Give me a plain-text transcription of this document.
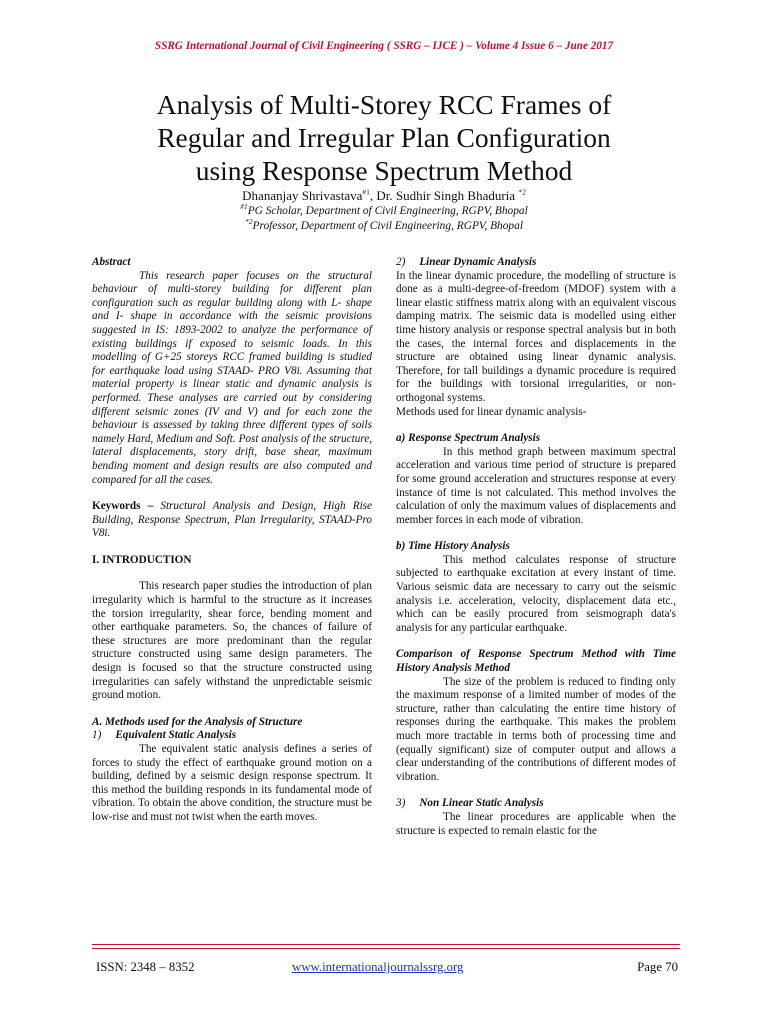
SSRG International Journal of Civil Engineering ( SSRG – IJCE ) – Volume 4 Issue 6 – June 2017
Analysis of Multi-Storey RCC Frames of
Regular and Irregular Plan Configuration
using Response Spectrum Method
Dhananjay Shrivastava$^{\#1}$, Dr. Sudhir Singh Bhaduria $^{*2}$
$^{\#1}$PG Scholar, Department of Civil Engineering, RGPV, Bhopal
$^{*2}$Professor, Department of Civil Engineering, RGPV, Bhopal

Abstract

This research paper focuses on the structural behaviour of multi-storey building for different plan configuration such as regular building along with L- shape and I- shape in accordance with the seismic provisions suggested in IS: 1893-2002 to analyze the performance of existing buildings if exposed to seismic loads. In this modelling of G+25 storeys RCC framed building is studied for earthquake load using STAAD- PRO V8i. Assuming that material property is linear static and dynamic analysis is performed. These analyses are carried out by considering different seismic zones (IV and V) and for each zone the behaviour is assessed by taking three different types of soils namely Hard, Medium and Soft. Post analysis of the structure, lateral displacements, story drift, base shear, maximum bending moment and design results are also computed and compared for all the cases.

Keywords – Structural Analysis and Design, High Rise Building, Response Spectrum, Plan Irregularity, STAAD-Pro V8i.

I. INTRODUCTION

This research paper studies the introduction of plan irregularity which is harmful to the structure as it increases the torsion irregularity, shear force, bending moment and other earthquake parameters. So, the chances of failure of these structures are more predominant than the regular structure constructed using same design parameters. The design is focused so that the structure constructed using irregularities can safely withstand the unpredictable seismic ground motion.

A. Methods used for the Analysis of Structure

1) Equivalent Static Analysis

The equivalent static analysis defines a series of forces to study the effect of earthquake ground motion on a building, defined by a seismic design response spectrum. It this method the building responds in its fundamental mode of vibration. To obtain the above condition, the structure must be low-rise and must not twist when the earth moves.

2) Linear Dynamic Analysis

In the linear dynamic procedure, the modelling of structure is done as a multi-degree-of-freedom (MDOF) system with a linear elastic stiffness matrix along with an equivalent viscous damping matrix. The seismic data is modelled using either time history analysis or response spectral analysis but in both the cases, the internal forces and displacements in the structure are obtained using linear dynamic analysis. Therefore, for tall buildings a dynamic procedure is required for the buildings with torsional irregularities, or non-orthogonal systems.

Methods used for linear dynamic analysis-

a) Response Spectrum Analysis

In this method graph between maximum spectral acceleration and various time period of structure is prepared for some ground acceleration and structures response at every instance of time is not calculated. This method involves the calculation of only the maximum values of displacements and member forces in each mode of vibration.

b) Time History Analysis

This method calculates response of structure subjected to earthquake excitation at every instant of time. Various seismic data are necessary to carry out the seismic analysis i.e. acceleration, velocity, displacement data etc., which can be easily procured from seismograph data's analysis for any particular earthquake.

Comparison of Response Spectrum Method with Time History Analysis Method

The size of the problem is reduced to finding only the maximum response of a limited number of modes of the structure, rather than calculating the entire time history of responses during the earthquake. This makes the problem much more tractable in terms both of processing time and (equally significant) size of computer output and allows a clear understanding of the contributions of different modes of vibration.

3) Non Linear Static Analysis

The linear procedures are applicable when the structure is expected to remain elastic for the

ISSN: 2348 – 8352	www.internationaljournalssrg.org	Page 70
